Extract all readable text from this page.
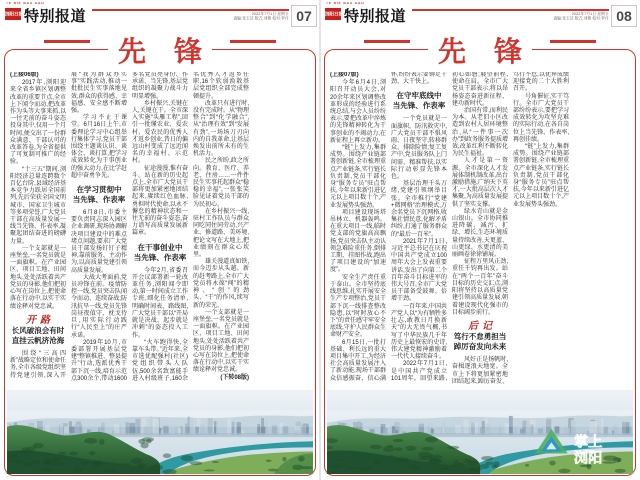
TE BIE BAO DAO
浏阳日报 特别报道	2022年7月1日 星期五
责编:张玉洁 版式:刘雅 校对:李丹 07
先　锋

(上接06版)

2017年,浏阳迎来全省乡镇区划调整改革的重要节点,全市上下闻令而动,把改革作为头等大事来抓,以一往无前的奋斗姿态投身其中,仅用一个月时间,便交出了一份群众满意、干部认可的改革答卷,为全省提供了可复制可推广的经验。

“十三五”期间,浏阳经济总量连跨数个百亿台阶,县域经济基本竞争力跃居全国前列,先后荣获全国文明城市、国家卫生城市等多项荣誉,广大党员干部在高质量发展一线当先锋、作表率,凝聚起团结奋进的磅礴力量。

一个支部就是一座堡垒,一名党员就是一面旗帜。在产业园区、项目工地、田间地头,处处活跃着共产党员的身影,他们把初心写在岗位上,把使命落在行动中,以实干实绩诠释对党忠诚。

开路
长风破浪会有时
直挂云帆济沧海

围绕“三高四新”战略定位和使命任务,全市各级党组织坚持党建引领,深入开展“我为群众办实事”实践活动,推动一批批民生实事落地见效,群众的获得感、幸福感、安全感不断增强。

学习不止于课堂。6月16日上午,市委理论学习中心组举行集体学习,党员干部围绕主题谈认识、谈体会、谈打算,把学习成效转化为干事创业的强大动力,在比学赶超中奋勇争先。

在学习贯彻中
当先锋、作表率

6月8日,市委主要负责同志深入园区企业调研,现场协调解决项目建设中的难点堵点问题,要求广大党员干部发扬钉钉子精神,靠前服务、主动作为,以高质量党建引领高质量发展。

大战大考面前,党员冲锋在前。疫情防控一线,党员突击队闻令而动、连续奋战;防汛抗旱一线,党员先锋岗昼夜值守、枕戈待旦,用实际行动践行“人民至上”的庄严承诺。

2019年10月,市委部署开展基层党建“整镇推进、整县提升”行动,选派优秀干部下沉一线,培育示范点300余个,带动1600多名党员亮身份、作承诺、当先锋,基层党组织的凝聚力战斗力明显增强。

乡村振兴,关键在人,关键在干。全市深入实施“头雁工程”,回引一批懂农业、爱农村、爱农民的优秀人才返乡创业,昔日的偏远山村变成了远近闻名的幸福村、示范村。

征途漫漫,惟有奋斗。站在新的历史起点上,全市广大党员干部将更加紧密地团结起来,赓续红色血脉,勇担时代使命,以永不懈怠的精神状态和一往无前的奋斗姿态,奋力谱写高质量发展新篇章。

在干事创业中
当先锋、作表率

今年2月,省委召开会议部署新一轮改革任务,浏阳闻令即动,第一时间成立工作专班,细化任务清单,明确时间表、路线图,广大党员干部以“开局就是决战、起步就是冲刺”的姿态投入工作。

“火车跑得快,全靠车头带。”近年来,全市选优配强村(社区)党组织带头人队伍,500余名致富能手进入村级班子,160余名优秀人才返乡任职,16个软弱涣散基层党组织全部完成整顿提升。

改革只有进行时,没有完成时。从“物理整合”到“化学融合”,从“治理有效”到“发展有劲”,一场场刀刃向内的自我革命,让基层焕发出前所未有的生机活力。

民之所盼,政之所向。教育、医疗、养老、住房……一件件民生实事托起群众“稳稳的幸福”,一张张笑脸见证着党员干部的为民初心。

在乡村振兴一线,驻村工作队员与群众同吃同住同劳动,兴产业、修道路、美环境,把论文写在大地上,把业绩刻在群众心坎里。

雄关漫道真如铁,而今迈步从头越。新的赶考路上,全市广大党员将永葆“闯”的精神、“创”的劲头、“干”的作风,续写新的荣光。

一个支部就是一座堡垒,一名党员就是一面旗帜。在产业园区、项目工地、田间地头,处处活跃着共产党员的身影,他们把初心写在岗位上,把使命落在行动中,以实干实绩诠释对党忠诚。

(下转08版)

TE BIE BAO DAO
浏阳日报 特别报道	2022年7月1日 星期五
责编:张玉洁 版式:刘雅 校对:李丹 08
先　锋

(上接07版)

今年6月4日,浏阳召开动员大会,对20余年来区划调整改革形成的经验进行系统总结,与会人员纷纷表示,要把改革中淬炼的先锋精神转化为干事创业的不竭动力,在新征程上再立新功。

“链”上发力,集群成势。围绕产业链部署创新链,全市梳理重点产业链条,实行链长负责制,党员干部化身“服务专员”驻点帮扶,今年以来新引进亿元以上项目数十个,产业发展势头强劲。

项目建设现场塔吊林立、机器轰鸣。在重大项目一线,临时党支部的党旗高高飘扬,党员突击队主动认领急难险重任务,倒排工期、挂图作战,跑出了项目建设的“加速度”。

安全生产责任重于泰山。全市坚持底线思维,扎实开展安全生产专项整治,党员干部下沉一线排查整改隐患,以“时时放心不下”的责任感守牢安全底线,守护人民群众生命财产安全。

6月15日,一批打基础、利长远的重大项目集中开工,为经济社会高质量发展注入了新动能,现场干部群众倍感振奋、信心满怀,纷纷表示要铆足干劲、大干快上。

在守牢底线中
当先锋、作表率

一个党员就是一面旗帜。防汛救灾中,广大党员干部不惧风雨、日夜坚守,转移群众、排除险情;复工复产中,党员服务队上门问需、精准帮扶,以实际行动彰显先锋本色。

基层治理千头万绪,党建引领纲举目张。全市推行“党建+微网格”治理模式,万余名党员下沉网格,收集社情民意,化解矛盾纠纷,打通了服务群众的“最后一百米”。

2021年7月1日,习近平总书记在庆祝中国共产党成立100周年大会上发表重要讲话,发出了向第二个百年奋斗目标进军的伟大号召,全市广大党员干部备受鼓舞、倍增干劲。

一百年来,中国共产党人以“为有牺牲多壮志,敢教日月换新天”的大无畏气概,书写了中华民族几千年历史上最恢宏的史诗,伟大建党精神激励着一代代人接续奋斗。

2022年7月1日,是中国共产党成立101周年。回望来路,初心如磐;展望前程,使命在肩。全市广大党员干部表示,将以昂扬姿态奋进新征程、建功新时代。

治国有常,而利民为本。从老旧小区改造到农村人居环境整治,从“一件事一次办”到政务服务提质增效,改革红利不断转化为民生福祉。

人才是第一资源。全市深化人才发展体制机制改革,出台激励措施,广纳天下英才,一大批高层次人才集聚,为高质量发展提供了坚实支撑。

绿水青山就是金山银山。全市协同推进降碳、减污、扩绿、增长,生态环境质量持续改善,天更蓝、山更绿、水更清的美丽画卷徐徐铺展。

征程万里风正劲,重任千钧再出发。站在“两个一百年”奋斗目标的历史交汇点,浏阳将坚持以高质量党建引领高质量发展,朝着建设现代化强市的目标阔步前行。

后记
笃行不怠勇担当
踔厉奋发向未来

风好正是扬帆时,奋楫逐浪天地宽。全市上下将更加紧密地团结起来,踔厉奋发、笃行不怠,以优异成绩迎接党的二十大胜利召开。

号角催征,实干笃行。全市广大党员干部纷纷表示,要把学习成效转化为攻坚克难的实际行动,在各自岗位上当先锋、作表率,再创佳绩。

“链”上发力,集群成势。围绕产业链部署创新链,全市梳理重点产业链条,实行链长负责制,党员干部化身“服务专员”驻点帮扶,今年以来新引进亿元以上项目数十个,产业发展势头强劲。

掌上
浏阳
